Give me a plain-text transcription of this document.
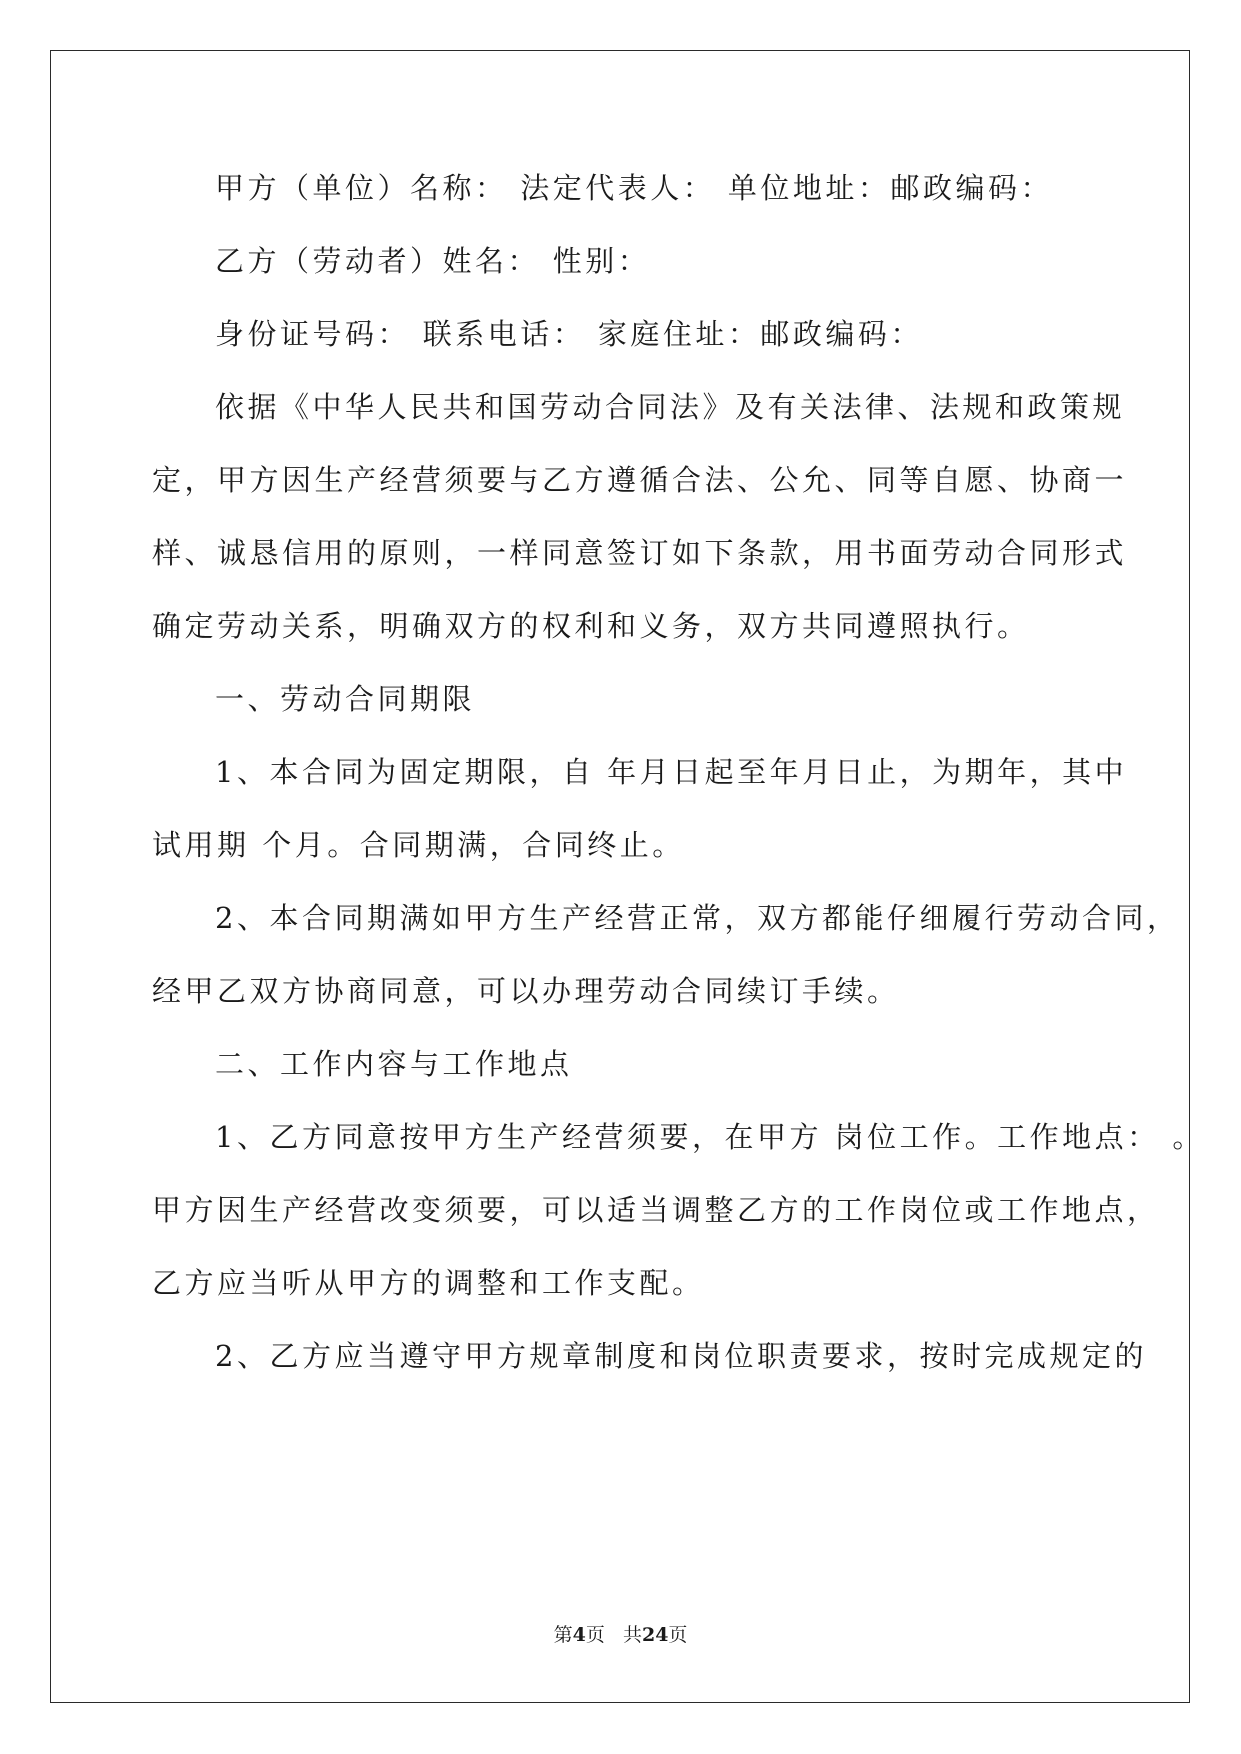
甲方（单位）名称： 法定代表人： 单位地址：邮政编码：
乙方（劳动者）姓名： 性别：
身份证号码： 联系电话： 家庭住址：邮政编码：
依据《中华人民共和国劳动合同法》及有关法律、法规和政策规
定，甲方因生产经营须要与乙方遵循合法、公允、同等自愿、协商一
样、诚恳信用的原则，一样同意签订如下条款，用书面劳动合同形式
确定劳动关系，明确双方的权利和义务，双方共同遵照执行。
一、劳动合同期限
1、本合同为固定期限，自 年月日起至年月日止，为期年，其中
试用期 个月。合同期满，合同终止。
2、本合同期满如甲方生产经营正常，双方都能仔细履行劳动合同，
经甲乙双方协商同意，可以办理劳动合同续订手续。
二、工作内容与工作地点
1、乙方同意按甲方生产经营须要，在甲方 岗位工作。工作地点： 。
甲方因生产经营改变须要，可以适当调整乙方的工作岗位或工作地点，
乙方应当听从甲方的调整和工作支配。
2、乙方应当遵守甲方规章制度和岗位职责要求，按时完成规定的
第4页 共24页
